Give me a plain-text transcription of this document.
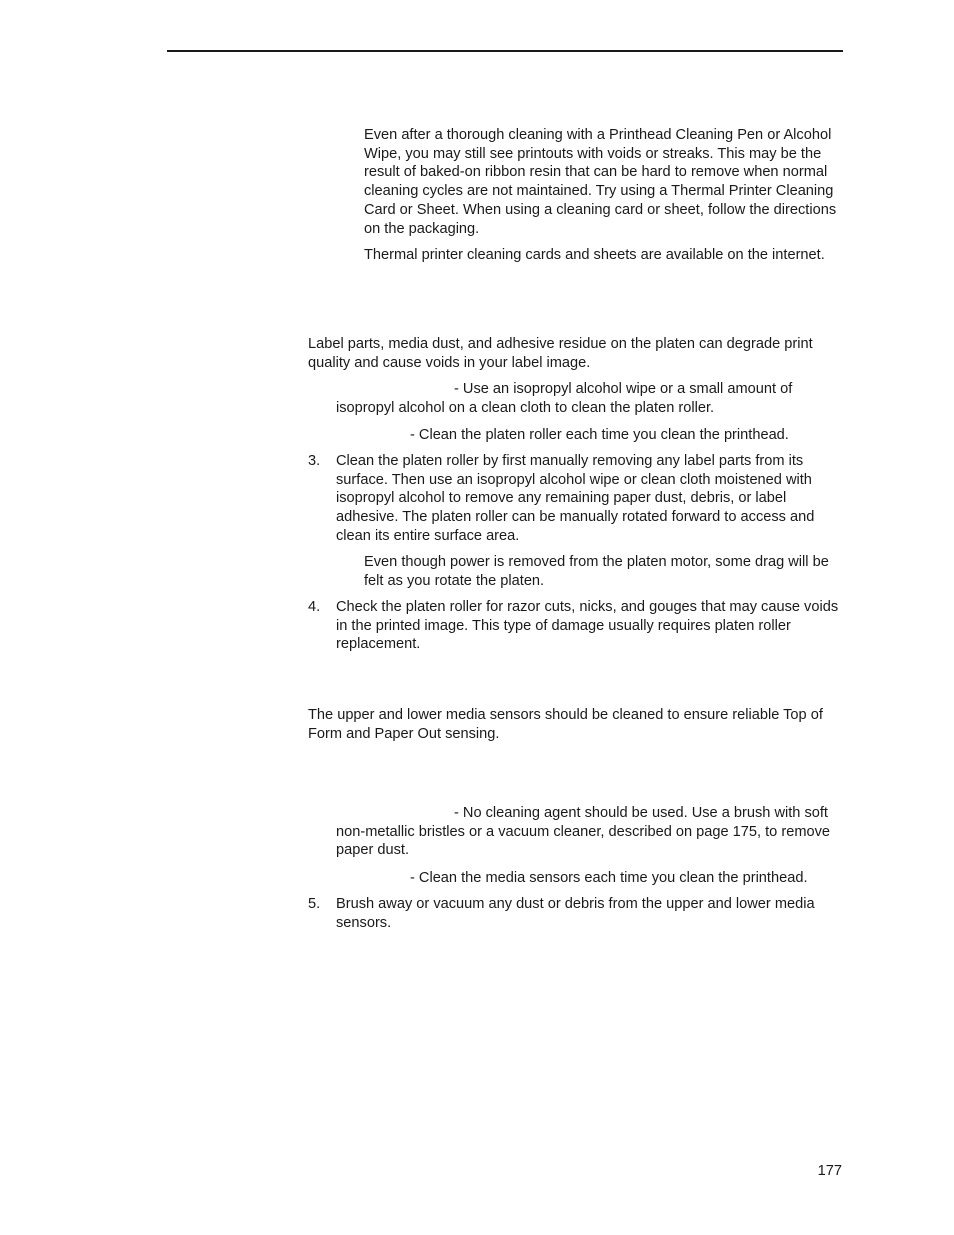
Even after a thorough cleaning with a Printhead Cleaning Pen or Alcohol Wipe, you may still see printouts with voids or streaks. This may be the result of baked-on ribbon resin that can be hard to remove when normal cleaning cycles are not maintained. Try using a Thermal Printer Cleaning Card or Sheet. When using a cleaning card or sheet, follow the directions on the packaging.

Thermal printer cleaning cards and sheets are available on the internet.

Label parts, media dust, and adhesive residue on the platen can degrade print quality and cause voids in your label image.

- Use an isopropyl alcohol wipe or a small amount of isopropyl alcohol on a clean cloth to clean the platen roller.

- Clean the platen roller each time you clean the printhead.

3.	Clean the platen roller by first manually removing any label parts from its surface. Then use an isopropyl alcohol wipe or clean cloth moistened with isopropyl alcohol to remove any remaining paper dust, debris, or label adhesive. The platen roller can be manually rotated forward to access and clean its entire surface area.

Even though power is removed from the platen motor, some drag will be felt as you rotate the platen.

4.	Check the platen roller for razor cuts, nicks, and gouges that may cause voids in the printed image. This type of damage usually requires platen roller replacement.

The upper and lower media sensors should be cleaned to ensure reliable Top of Form and Paper Out sensing.

- No cleaning agent should be used. Use a brush with soft non-metallic bristles or a vacuum cleaner, described on page 175, to remove paper dust.

- Clean the media sensors each time you clean the printhead.

5.	Brush away or vacuum any dust or debris from the upper and lower media sensors.
177
